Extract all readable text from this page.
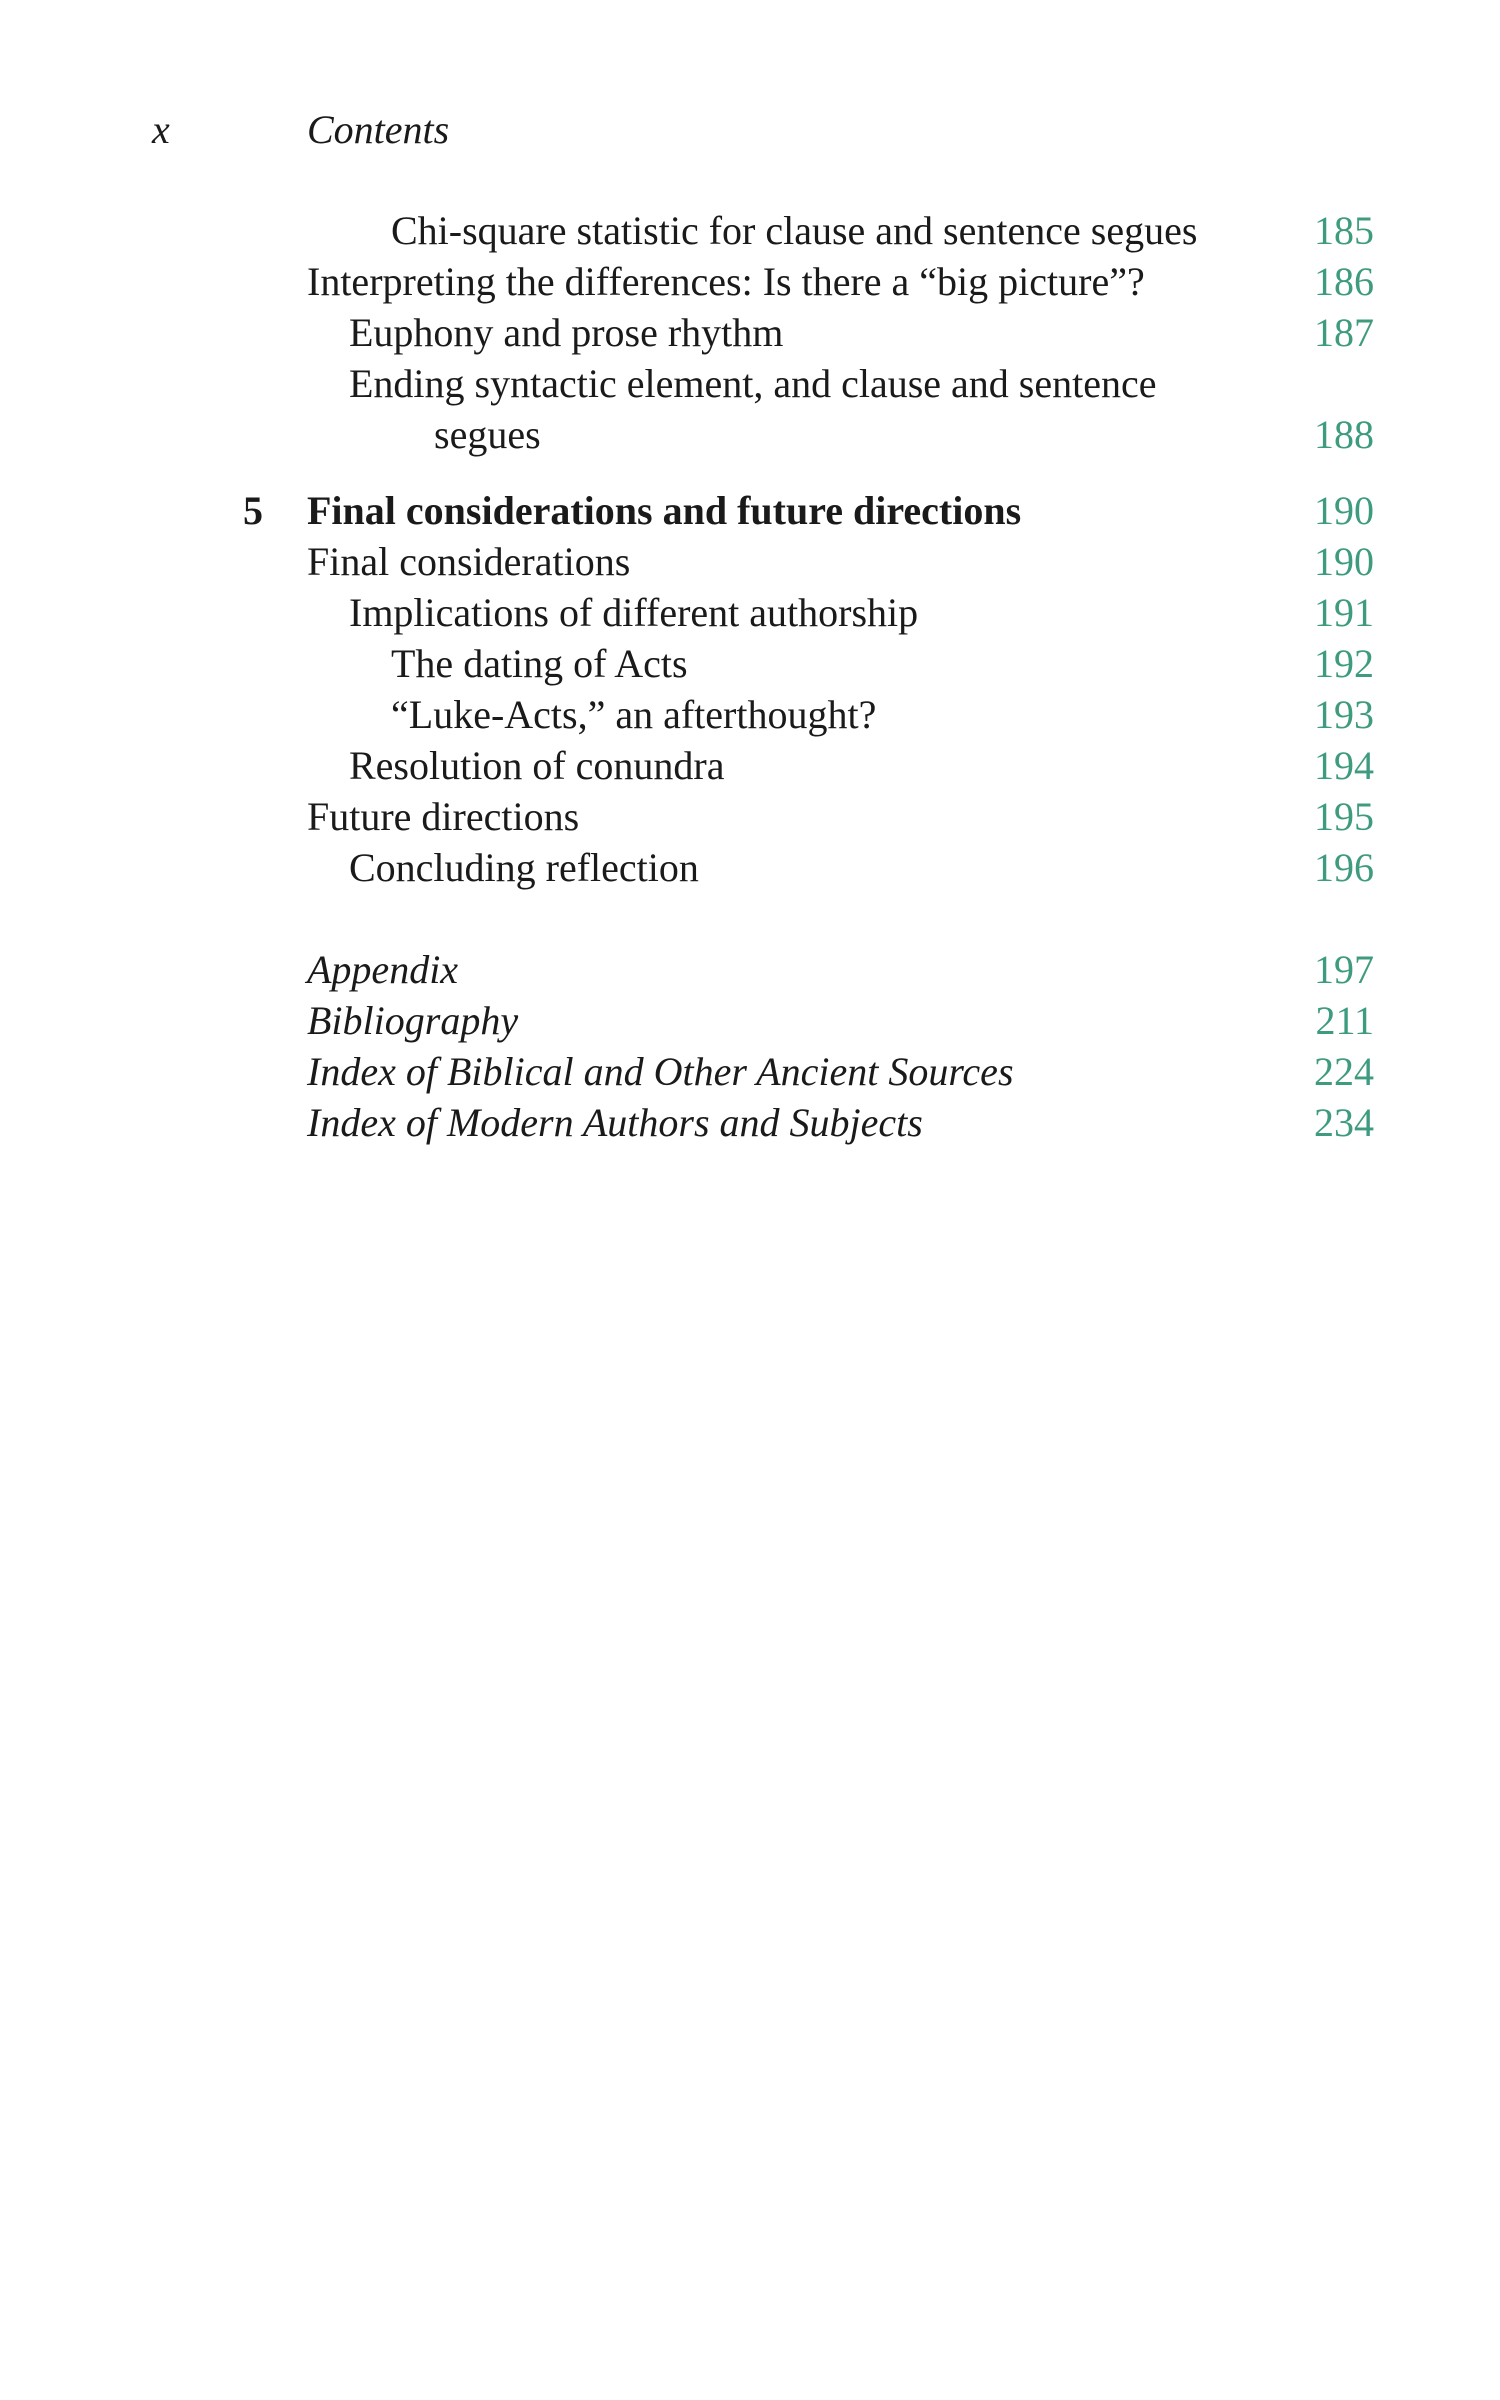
x	Contents
Chi-square statistic for clause and sentence segues	185
Interpreting the differences: Is there a “big picture”?	186
Euphony and prose rhythm	187
Ending syntactic element, and clause and sentence
segues	188
5 Final considerations and future directions	190
Final considerations	190
Implications of different authorship	191
The dating of Acts	192
“Luke-Acts,” an afterthought?	193
Resolution of conundra	194
Future directions	195
Concluding reflection	196
Appendix	197
Bibliography	211
Index of Biblical and Other Ancient Sources	224
Index of Modern Authors and Subjects	234
